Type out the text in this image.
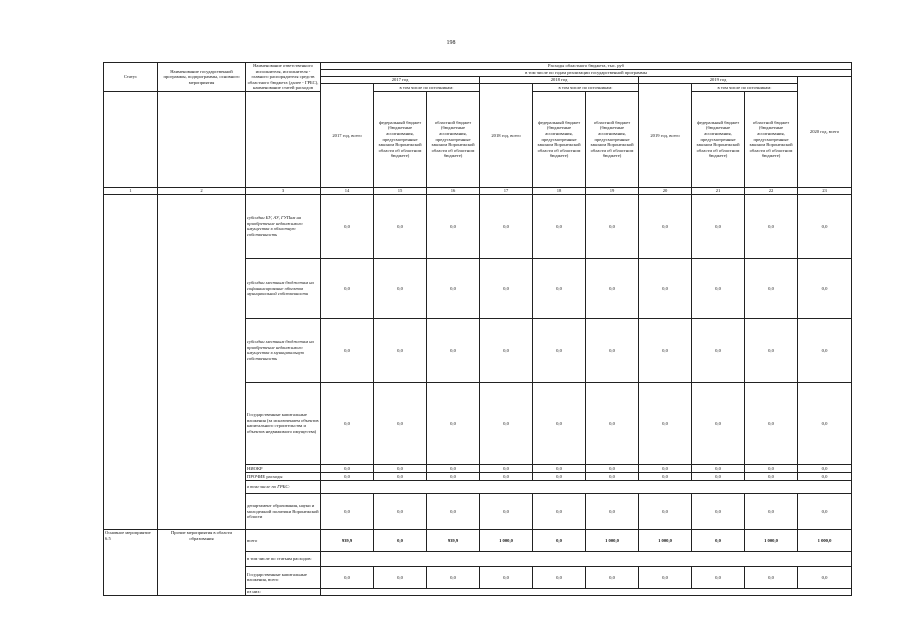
198
Статус	Наименование государственной программы, подпрограммы, основного мероприятия	Наименование ответственного исполнителя, исполнителя - главного распорядителя средств областного бюджета (далее - ГРБС), наименование статей расходов	Расходы областного бюджета, тыс. руб									
			в том числе по годам реализации государственной программы									
			2017 год			2018 год			2019 год			2020 год, всего
			2017 год, всего	в том числе по источникам:		2018 год, всего	в том числе по источникам:		2019 год, всего	в том числе по источникам:		
				федеральный бюджет (бюджетные ассигнования, предусмотренные законом Воронежской области об областном бюджете)	областной бюджет (бюджетные ассигнования, предусмотренные законом Воронежской области об областном бюджете)		федеральный бюджет (бюджетные ассигнования, предусмотренные законом Воронежской области об областном бюджете)	областной бюджет (бюджетные ассигнования, предусмотренные законом Воронежской области об областном бюджете)		федеральный бюджет (бюджетные ассигнования, предусмотренные законом Воронежской области об областном бюджете)	областной бюджет (бюджетные ассигнования, предусмотренные законом Воронежской области об областном бюджете)	
1	2	3	14	15	16	17	18	19	20	21	22	23
		субсидии БУ, АУ, ГУПам на приобретение недвижимого имущества в областную собственность	0,0	0,0	0,0	0,0	0,0	0,0	0,0	0,0	0,0	0,0
		субсидии местным бюджетам на софинансирование объектов муниципальной собственности	0,0	0,0	0,0	0,0	0,0	0,0	0,0	0,0	0,0	0,0
		субсидии местным бюджетам на приобретение недвижимого имущества в муниципальную собственность	0,0	0,0	0,0	0,0	0,0	0,0	0,0	0,0	0,0	0,0
		Государственные капитальные вложения (за исключением объектов капитального строительства и объектов недвижимого имущества)	0,0	0,0	0,0	0,0	0,0	0,0	0,0	0,0	0,0	0,0
		НИОКР	0,0	0,0	0,0	0,0	0,0	0,0	0,0	0,0	0,0	0,0
		ПРОЧИЕ расходы	0,0	0,0	0,0	0,0	0,0	0,0	0,0	0,0	0,0	0,0
		в том числе по ГРБС:										
		департамент образования, науки и молодежной политики Воронежской области	0,0	0,0	0,0	0,0	0,0	0,0	0,0	0,0	0,0	0,0
Основное мероприятие 6.5	Прочие мероприятия в области образования	всего	939,9	0,0	939,9	1 000,0	0,0	1 000,0	1 000,0	0,0	1 000,0	1 000,0
		в том числе по статьям расходов:										
		Государственные капитальные вложения, всего	0,0	0,0	0,0	0,0	0,0	0,0	0,0	0,0	0,0	0,0
		из них:										
